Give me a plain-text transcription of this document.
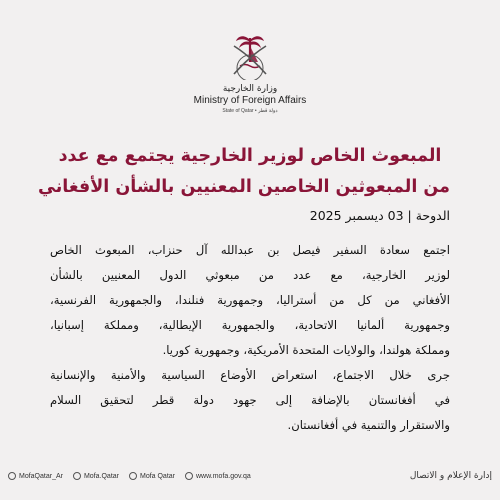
وزارة الخارجية
Ministry of Foreign Affairs
State of Qatar • دولة قطر
المبعوث الخاص لوزير الخارجية يجتمع مع عدد
من المبعوثين الخاصين المعنيين بالشأن الأفغاني
الدوحة | 03 ديسمبر 2025
اجتمع سعادة السفير فيصل بن عبدالله آل حنزاب، المبعوث الخاص
لوزير الخارجية، مع عدد من مبعوثي الدول المعنيين بالشأن
الأفغاني من كل من أستراليا، وجمهورية فنلندا، والجمهورية الفرنسية،
وجمهورية ألمانيا الاتحادية، والجمهورية الإيطالية، ومملكة إسبانيا،
ومملكة هولندا، والولايات المتحدة الأمريكية، وجمهورية كوريا.
جرى خلال الاجتماع، استعراض الأوضاع السياسية والأمنية والإنسانية
في أفغانستان بالإضافة إلى جهود دولة قطر لتحقيق السلام
والاستقرار والتنمية في أفغانستان.
MofaQatar_Ar	Mofa.Qatar	Mofa Qatar	www.mofa.gov.qa	إدارة الإعلام و الاتصال
